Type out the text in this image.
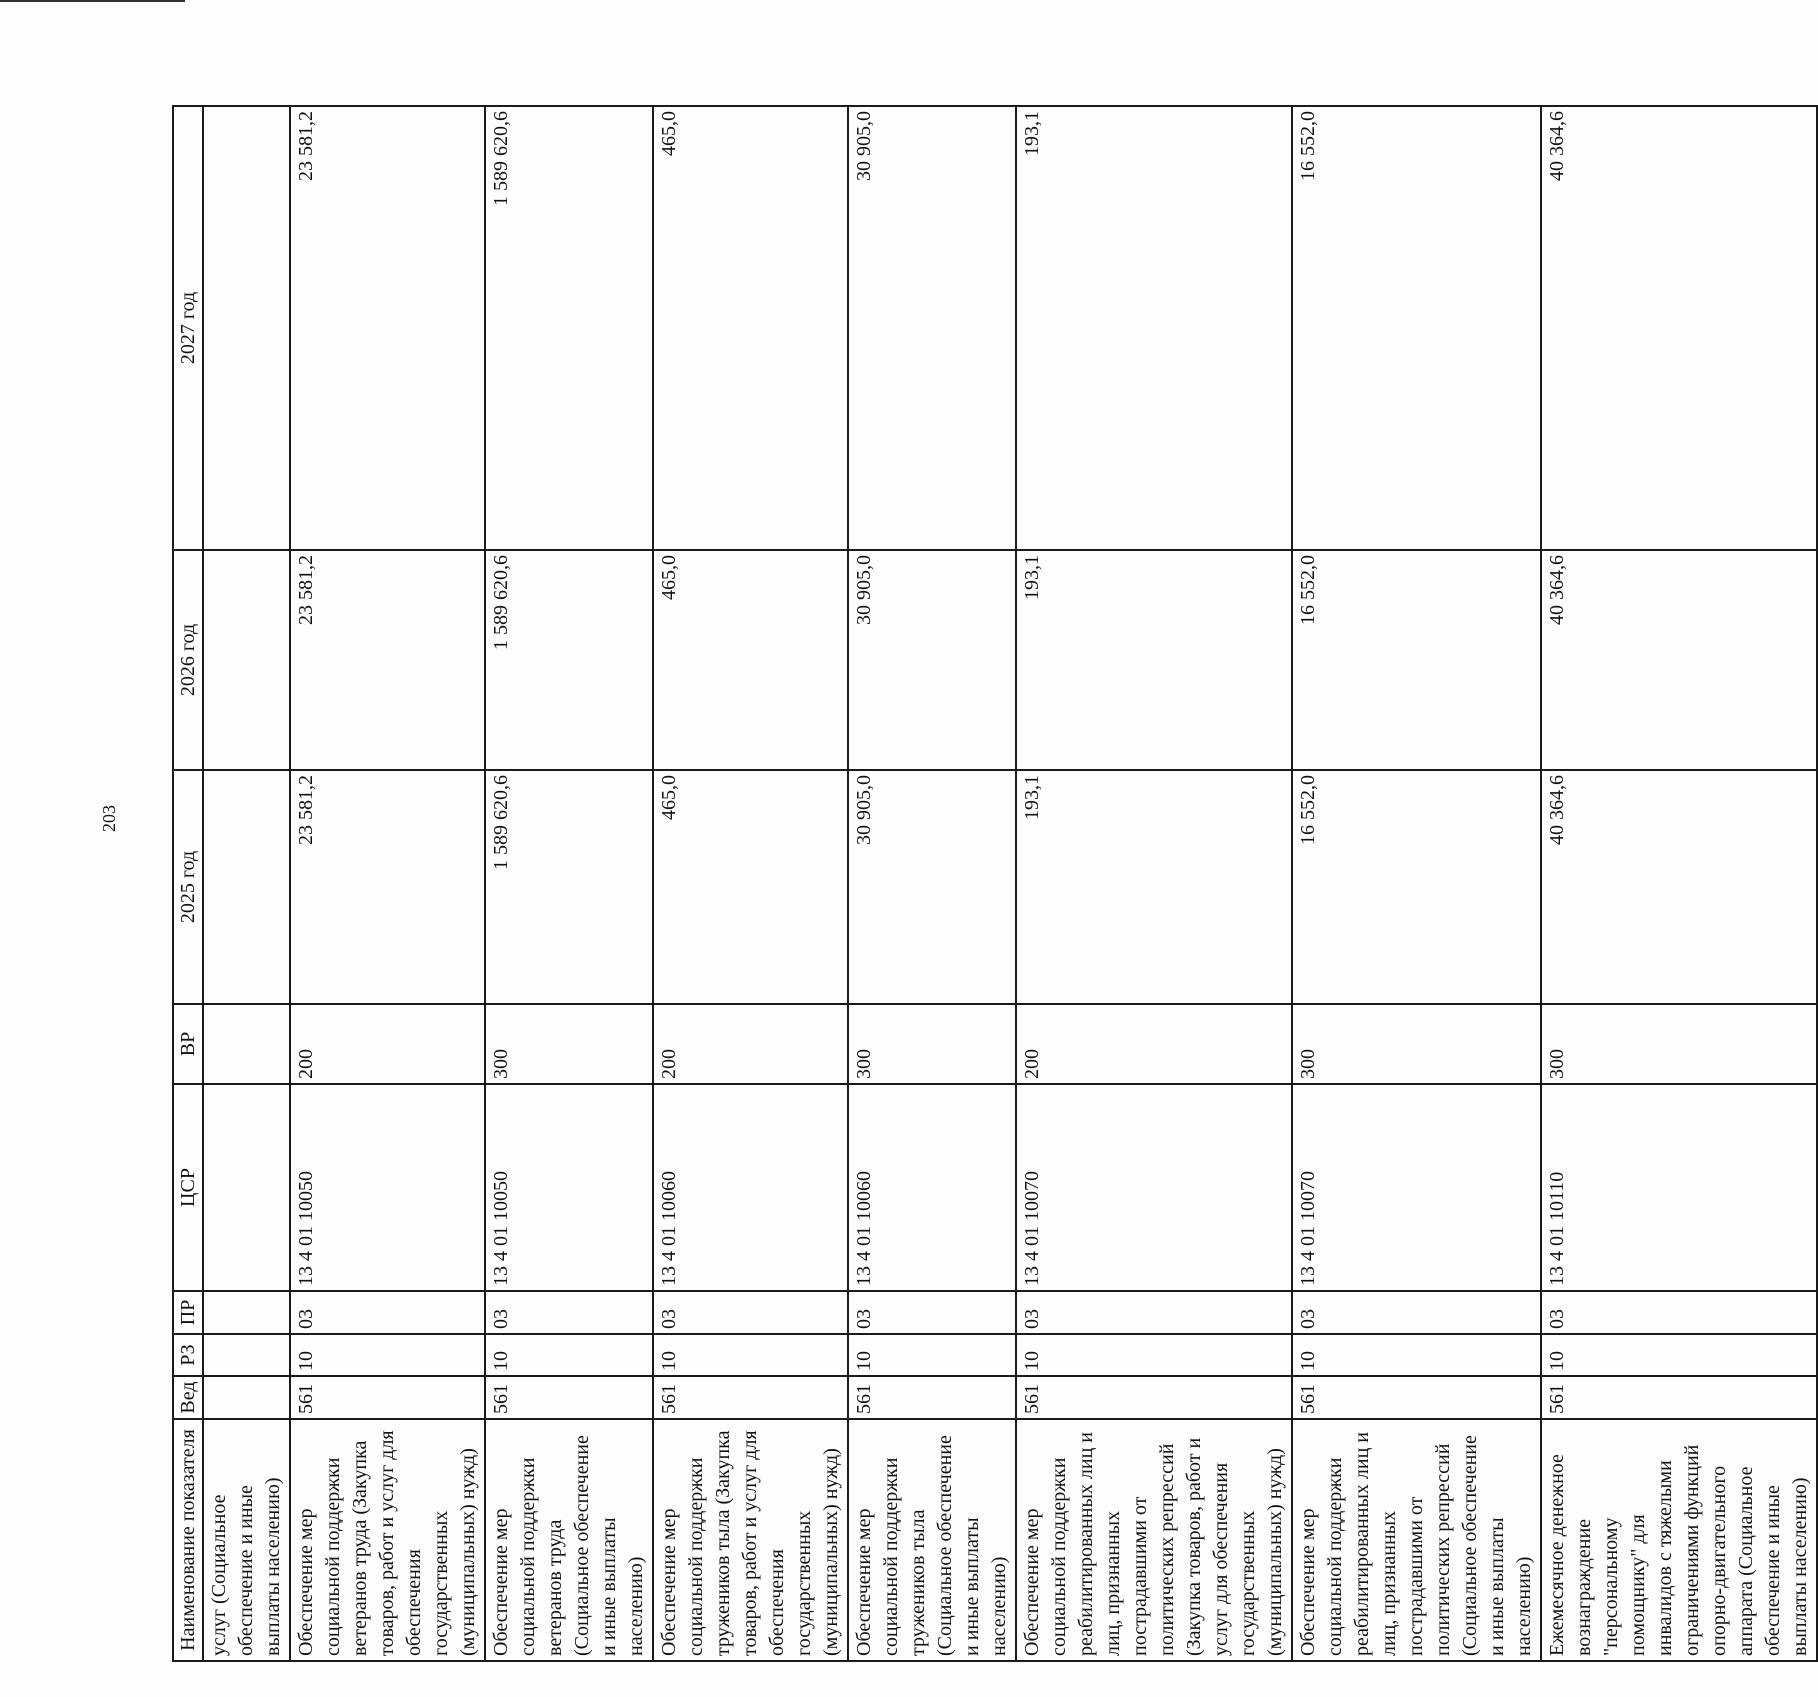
203
Наименование показателя	Вед	РЗ	ПР	ЦСР	ВР	2025 год	2026 год	2027 год
услуг (Социальное обеспечение и иные выплаты населению)								
Обеспечение мер социальной поддержки ветеранов труда (Закупка товаров, работ и услуг для обеспечения государственных (муниципальных) нужд)	561	10	03	13 4 01 10050	200	23 581,2	23 581,2	23 581,2
Обеспечение мер социальной поддержки ветеранов труда (Социальное обеспечение и иные выплаты населению)	561	10	03	13 4 01 10050	300	1 589 620,6	1 589 620,6	1 589 620,6
Обеспечение мер социальной поддержки тружеников тыла (Закупка товаров, работ и услуг для обеспечения государственных (муниципальных) нужд)	561	10	03	13 4 01 10060	200	465,0	465,0	465,0
Обеспечение мер социальной поддержки тружеников тыла (Социальное обеспечение и иные выплаты населению)	561	10	03	13 4 01 10060	300	30 905,0	30 905,0	30 905,0
Обеспечение мер социальной поддержки реабилитированных лиц и лиц, признанных пострадавшими от политических репрессий (Закупка товаров, работ и услуг для обеспечения государственных (муниципальных) нужд)	561	10	03	13 4 01 10070	200	193,1	193,1	193,1
Обеспечение мер социальной поддержки реабилитированных лиц и лиц, признанных пострадавшими от политических репрессий (Социальное обеспечение и иные выплаты населению)	561	10	03	13 4 01 10070	300	16 552,0	16 552,0	16 552,0
Ежемесячное денежное вознаграждение "персональному помощнику" для инвалидов с тяжелыми ограничениями функций опорно-двигательного аппарата (Социальное обеспечение и иные выплаты населению)	561	10	03	13 4 01 10110	300	40 364,6	40 364,6	40 364,6
